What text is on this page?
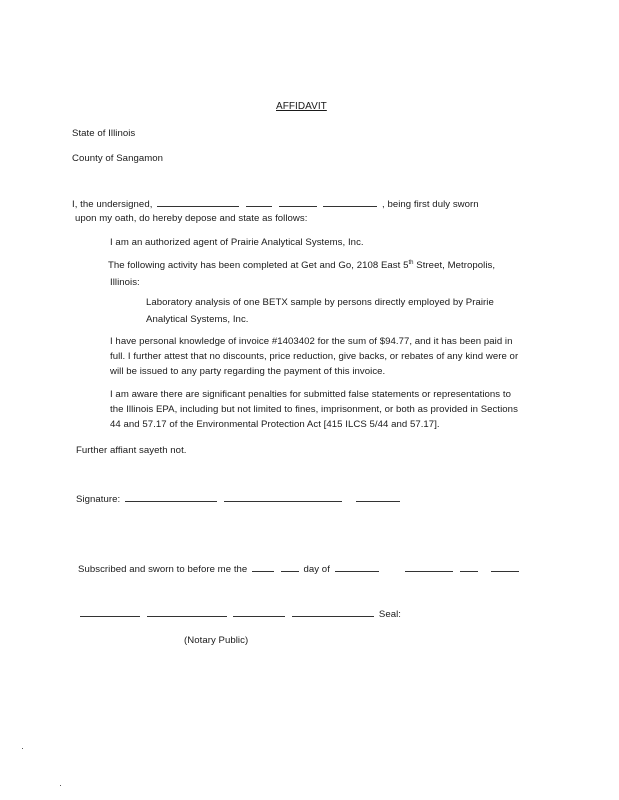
AFFIDAVIT
State of Illinois
County of Sangamon
I, the undersigned,	, being first duly sworn
upon my oath, do hereby depose and state as follows:
I am an authorized agent of Prairie Analytical Systems, Inc.
The following activity has been completed at Get and Go, 2108 East 5th Street, Metropolis,
Illinois:
Laboratory analysis of one BETX sample by persons directly employed by Prairie
Analytical Systems, Inc.
I have personal knowledge of invoice #1403402 for the sum of $94.77, and it has been paid in
full. I further attest that no discounts, price reduction, give backs, or rebates of any kind were or
will be issued to any party regarding the payment of this invoice.
I am aware there are significant penalties for submitted false statements or representations to
the Illinois EPA, including but not limited to fines, imprisonment, or both as provided in Sections
44 and 57.17 of the Environmental Protection Act [415 ILCS 5/44 and 57.17].
Further affiant sayeth not.
Signature:
Subscribed and sworn to before me the	day of
Seal:
(Notary Public)
